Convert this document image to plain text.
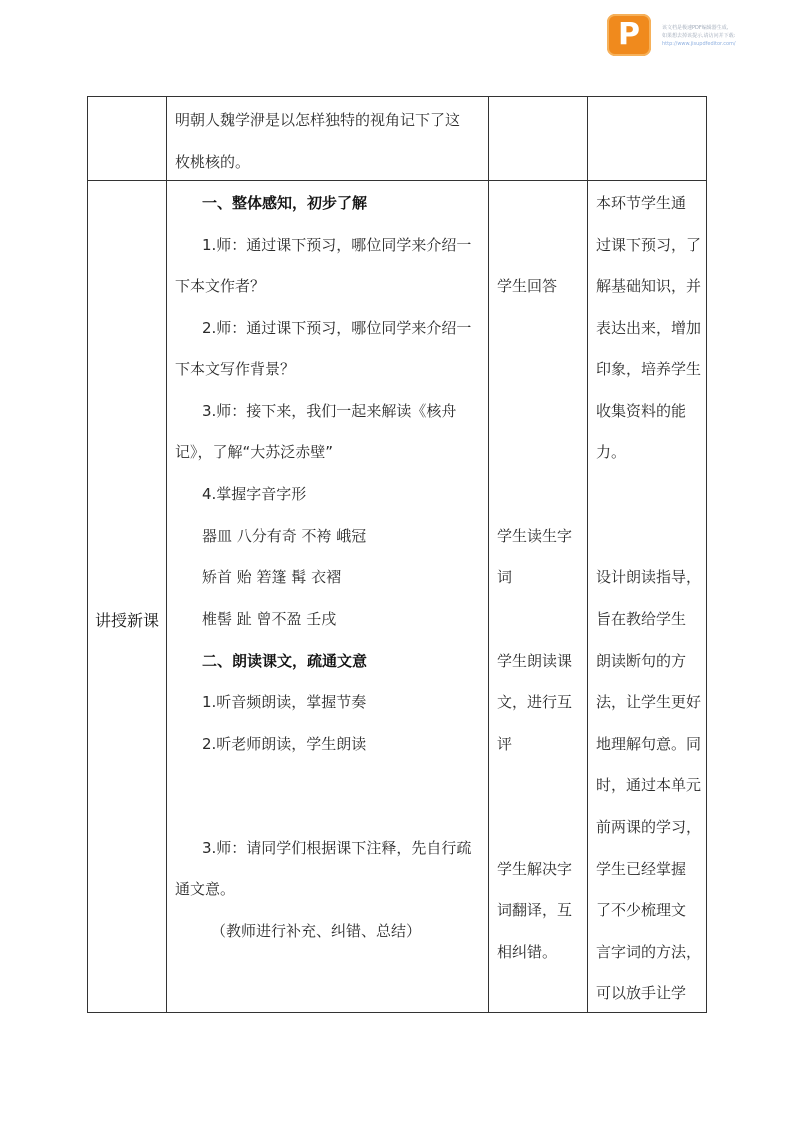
P	该文档是极速PDF编辑器生成,
如果想去掉该提示,请访问并下载:
http://www.jisupdfeditor.com/
明朝人魏学洢是以怎样独特的视角记下了这
枚桃核的。
讲授新课
一、整体感知，初步了解
1.师：通过课下预习，哪位同学来介绍一
下本文作者？
2.师：通过课下预习，哪位同学来介绍一
下本文写作背景？
3.师：接下来，我们一起来解读《核舟
记》，了解“大苏泛赤壁”
4.掌握字音字形
器皿 八分有奇 不袴 峨冠
矫首 贻 箬篷 髯 衣褶
椎髻 趾 曾不盈 壬戌
二、朗读课文，疏通文意
1.听音频朗读，掌握节奏
2.听老师朗读，学生朗读
3.师：请同学们根据课下注释，先自行疏
通文意。
（教师进行补充、纠错、总结）
学生回答
学生读生字
词
学生朗读课
文，进行互
评
学生解决字
词翻译，互
相纠错。
本环节学生通
过课下预习，了
解基础知识，并
表达出来，增加
印象，培养学生
收集资料的能
力。
设计朗读指导，
旨在教给学生
朗读断句的方
法，让学生更好
地理解句意。同
时，通过本单元
前两课的学习，
学生已经掌握
了不少梳理文
言字词的方法，
可以放手让学
